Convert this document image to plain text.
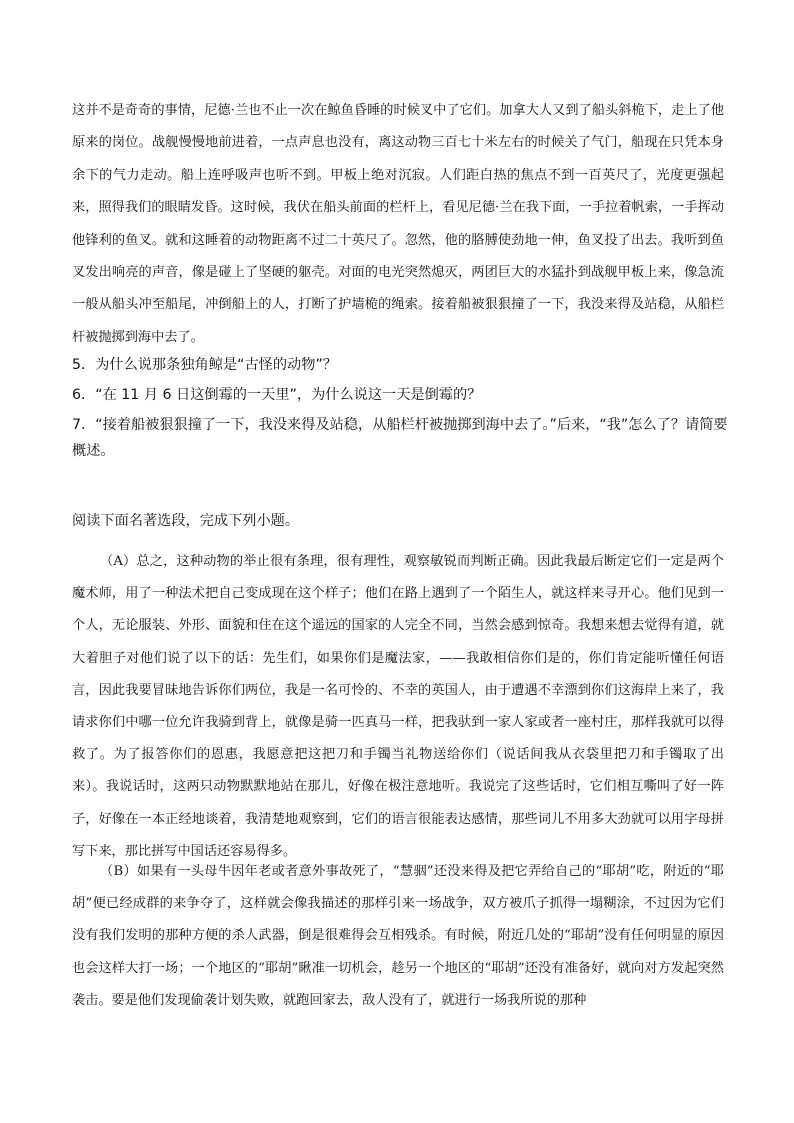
这并不是奇奇的事情，尼德·兰也不止一次在鲸鱼昏睡的时候叉中了它们。加拿大人又到了船头斜桅下，走上了他原来的岗位。战舰慢慢地前进着，一点声息也没有，离这动物三百七十米左右的时候关了气门，船现在只凭本身余下的气力走动。船上连呼吸声也听不到。甲板上绝对沉寂。人们距白热的焦点不到一百英尺了，光度更强起来，照得我们的眼睛发昏。这时候，我伏在船头前面的栏杆上，看见尼德·兰在我下面，一手拉着帆索，一手挥动他锋利的鱼叉。就和这睡着的动物距离不过二十英尺了。忽然，他的胳膊使劲地一伸，鱼叉投了出去。我听到鱼叉发出响亮的声音，像是碰上了坚硬的躯壳。对面的电光突然熄灭，两团巨大的水猛扑到战舰甲板上来，像急流一般从船头冲至船尾，冲倒船上的人，打断了护墙桅的绳索。接着船被狠狠撞了一下，我没来得及站稳，从船栏杆被抛掷到海中去了。

5．为什么说那条独角鲸是“古怪的动物”？

6．“在 11 月 6 日这倒霉的一天里”，为什么说这一天是倒霉的？

7．“接着船被狠狠撞了一下，我没来得及站稳，从船栏杆被抛掷到海中去了。”后来，“我”怎么了？请简要概述。

阅读下面名著选段，完成下列小题。

（A）总之，这种动物的举止很有条理，很有理性，观察敏锐而判断正确。因此我最后断定它们一定是两个魔术师，用了一种法术把自己变成现在这个样子；他们在路上遇到了一个陌生人，就这样来寻开心。他们见到一个人，无论服装、外形、面貌和住在这个遥远的国家的人完全不同，当然会感到惊奇。我想来想去觉得有道，就大着胆子对他们说了以下的话：先生们，如果你们是魔法家，——我敢相信你们是的，你们肯定能听懂任何语言，因此我要冒昧地告诉你们两位，我是一名可怜的、不幸的英国人，由于遭遇不幸漂到你们这海岸上来了，我请求你们中哪一位允许我骑到背上，就像是骑一匹真马一样，把我驮到一家人家或者一座村庄，那样我就可以得救了。为了报答你们的恩惠，我愿意把这把刀和手镯当礼物送给你们（说话间我从衣袋里把刀和手镯取了出来）。我说话时，这两只动物默默地站在那儿，好像在极注意地听。我说完了这些话时，它们相互嘶叫了好一阵子，好像在一本正经地谈着，我清楚地观察到，它们的语言很能表达感情，那些词儿不用多大劲就可以用字母拼写下来，那比拼写中国话还容易得多。

（B）如果有一头母牛因年老或者意外事故死了，“慧骃”还没来得及把它弄给自己的“耶胡”吃，附近的“耶胡”便已经成群的来争夺了，这样就会像我描述的那样引来一场战争，双方被爪子抓得一塌糊涂，不过因为它们没有我们发明的那种方便的杀人武器，倒是很难得会互相残杀。有时候，附近几处的“耶胡”没有任何明显的原因也会这样大打一场；一个地区的“耶胡”瞅准一切机会，趁另一个地区的“耶胡”还没有准备好，就向对方发起突然袭击。要是他们发现偷袭计划失败，就跑回家去，敌人没有了，就进行一场我所说的那种
